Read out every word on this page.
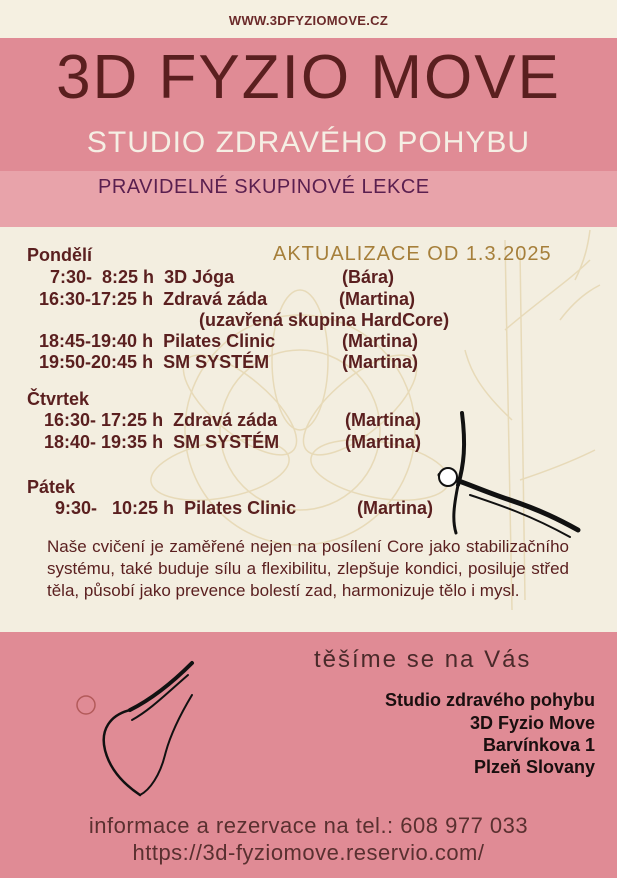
WWW.3DFYZIOMOVE.CZ
3D FYZIO MOVE
STUDIO ZDRAVÉHO POHYBU
PRAVIDELNÉ SKUPINOVÉ LEKCE
AKTUALIZACE OD 1.3.2025
Pondělí
7:30-  8:25 h 3D Jóga	(Bára)
16:30-17:25 h Zdravá záda	(Martina)
(uzavřená skupina HardCore)
18:45-19:40 h Pilates Clinic	(Martina)
19:50-20:45 h SM SYSTÉM	(Martina)
Čtvrtek
16:30- 17:25 h Zdravá záda	(Martina)
18:40- 19:35 h SM SYSTÉM	(Martina)
Pátek
9:30-   10:25 h Pilates Clinic	(Martina)
Naše cvičení je zaměřené nejen na posílení Core jako stabilizačního systému, také buduje sílu a flexibilitu, zlepšuje kondici, posiluje střed těla, působí jako prevence bolestí zad, harmonizuje tělo i mysl.
těšíme se na Vás
Studio zdravého pohybu
3D Fyzio Move
Barvínkova 1
Plzeň Slovany
informace a rezervace na tel.: 608 977 033
https://3d-fyziomove.reservio.com/
